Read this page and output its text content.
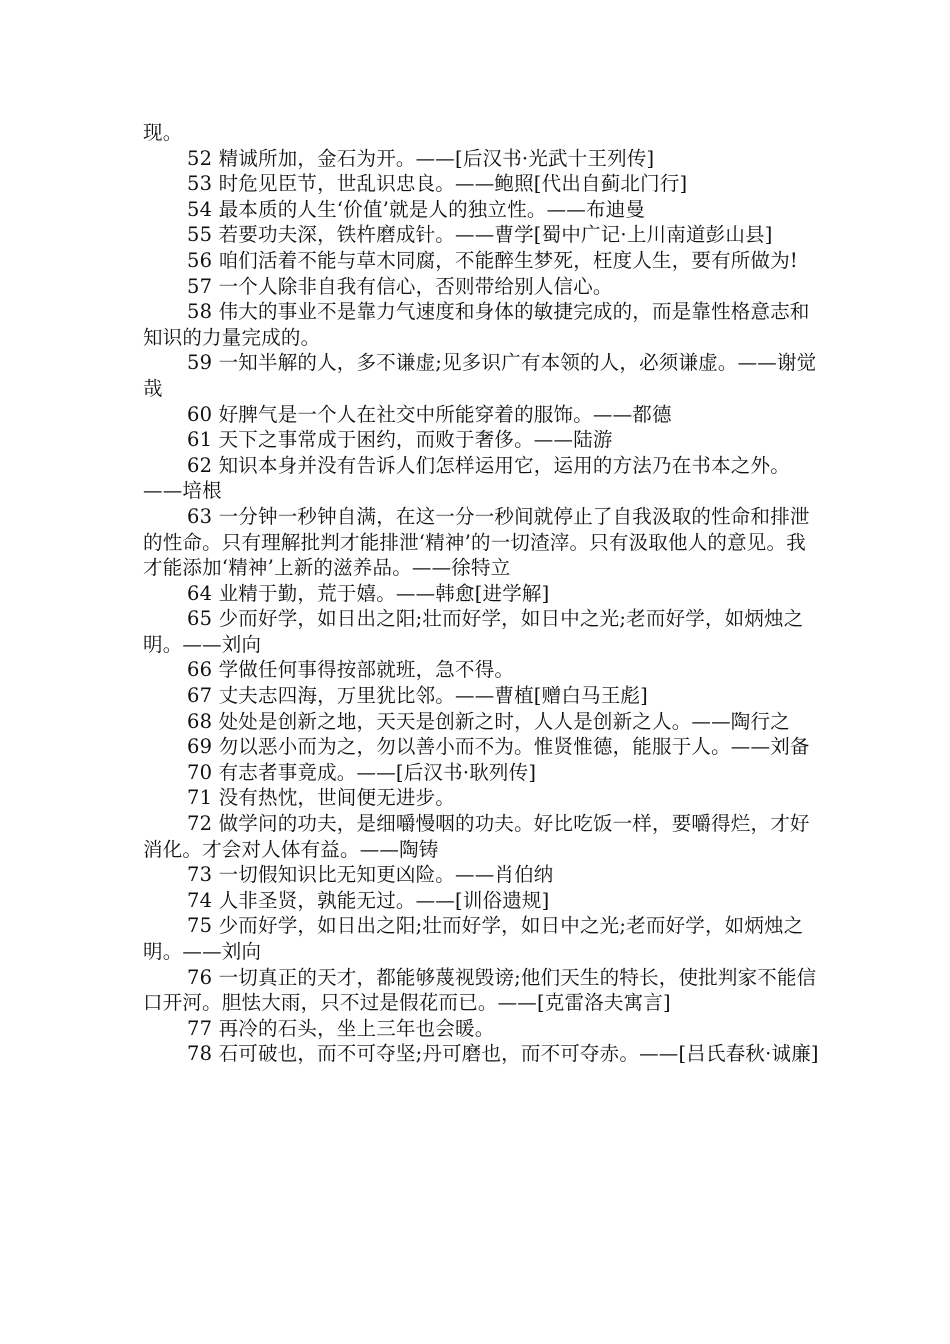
现。

52 精诚所加，金石为开。——[后汉书·光武十王列传]

53 时危见臣节，世乱识忠良。——鲍照[代出自蓟北门行]

54 最本质的人生‘价值’就是人的独立性。——布迪曼

55 若要功夫深，铁杵磨成针。——曹学[蜀中广记·上川南道彭山县]

56 咱们活着不能与草木同腐，不能醉生梦死，枉度人生，要有所做为!

57 一个人除非自我有信心，否则带给别人信心。

58 伟大的事业不是靠力气速度和身体的敏捷完成的，而是靠性格意志和知识的力量完成的。

59 一知半解的人，多不谦虚;见多识广有本领的人，必须谦虚。——谢觉哉

60 好脾气是一个人在社交中所能穿着的服饰。——都德

61 天下之事常成于困约，而败于奢侈。——陆游

62 知识本身并没有告诉人们怎样运用它，运用的方法乃在书本之外。——培根

63 一分钟一秒钟自满，在这一分一秒间就停止了自我汲取的性命和排泄的性命。只有理解批判才能排泄‘精神’的一切渣滓。只有汲取他人的意见。我才能添加‘精神’上新的滋养品。——徐特立

64 业精于勤，荒于嬉。——韩愈[进学解]

65 少而好学，如日出之阳;壮而好学，如日中之光;老而好学，如炳烛之明。——刘向

66 学做任何事得按部就班，急不得。

67 丈夫志四海，万里犹比邻。——曹植[赠白马王彪]

68 处处是创新之地，天天是创新之时，人人是创新之人。——陶行之

69 勿以恶小而为之，勿以善小而不为。惟贤惟德，能服于人。——刘备

70 有志者事竟成。——[后汉书·耿列传]

71 没有热忱，世间便无进步。

72 做学问的功夫，是细嚼慢咽的功夫。好比吃饭一样，要嚼得烂，才好消化。才会对人体有益。——陶铸

73 一切假知识比无知更凶险。——肖伯纳

74 人非圣贤，孰能无过。——[训俗遗规]

75 少而好学，如日出之阳;壮而好学，如日中之光;老而好学，如炳烛之明。——刘向

76 一切真正的天才，都能够蔑视毁谤;他们天生的特长，使批判家不能信口开河。胆怯大雨，只不过是假花而已。——[克雷洛夫寓言]

77 再冷的石头，坐上三年也会暖。

78 石可破也，而不可夺坚;丹可磨也，而不可夺赤。——[吕氏春秋·诚廉]
